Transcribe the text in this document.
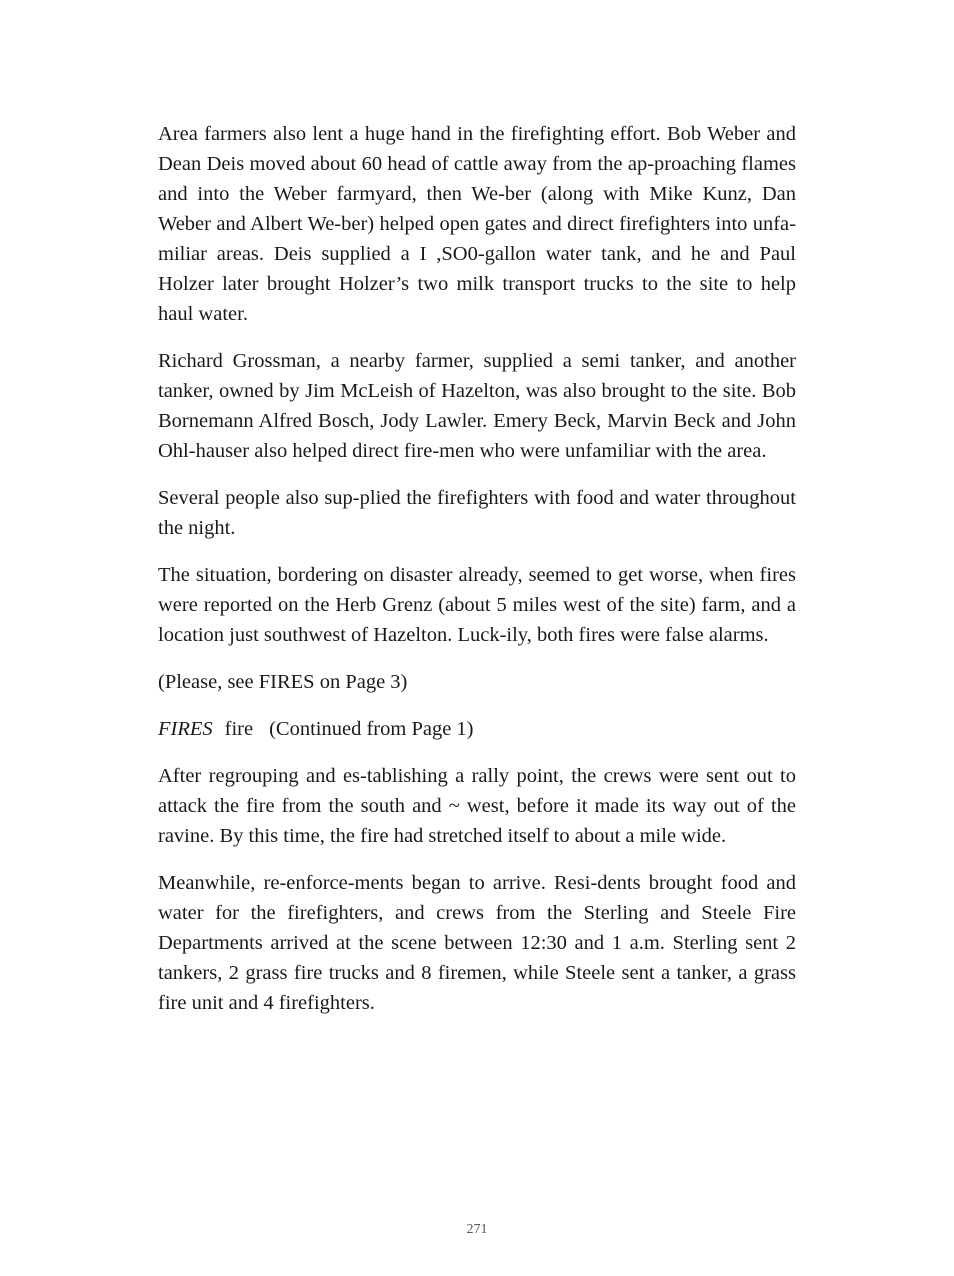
Area farmers also lent a huge hand in the firefighting effort. Bob Weber and Dean Deis moved about 60 head of cattle away from the ap-proaching flames and into the Weber farmyard, then We-ber (along with Mike Kunz, Dan Weber and Albert We-ber) helped open gates and direct firefighters into unfa-miliar areas. Deis supplied a I ,SO0-gallon water tank, and he and Paul Holzer later brought Holzer’s two milk transport trucks to the site to help haul water.

Richard Grossman, a nearby farmer, supplied a semi tanker, and another tanker, owned by Jim McLeish of Hazelton, was also brought to the site. Bob Bornemann Alfred Bosch, Jody Lawler. Emery Beck, Marvin Beck and John Ohl-hauser also helped direct fire-men who were unfamiliar with the area.

Several people also sup-plied the firefighters with food and water throughout the night.

The situation, bordering on disaster already, seemed to get worse, when fires were reported on the Herb Grenz (about 5 miles west of the site) farm, and a location just southwest of Hazelton. Luck-ily, both fires were false alarms.

(Please, see FIRES on Page 3)

FIRES fire (Continued from Page 1)

After regrouping and es-tablishing a rally point, the crews were sent out to attack the fire from the south and ~ west, before it made its way out of the ravine. By this time, the fire had stretched itself to about a mile wide.

Meanwhile, re-enforce-ments began to arrive. Resi-dents brought food and water for the firefighters, and crews from the Sterling and Steele Fire Departments arrived at the scene between 12:30 and 1 a.m. Sterling sent 2 tankers, 2 grass fire trucks and 8 firemen, while Steele sent a tanker, a grass fire unit and 4 firefighters.

271
